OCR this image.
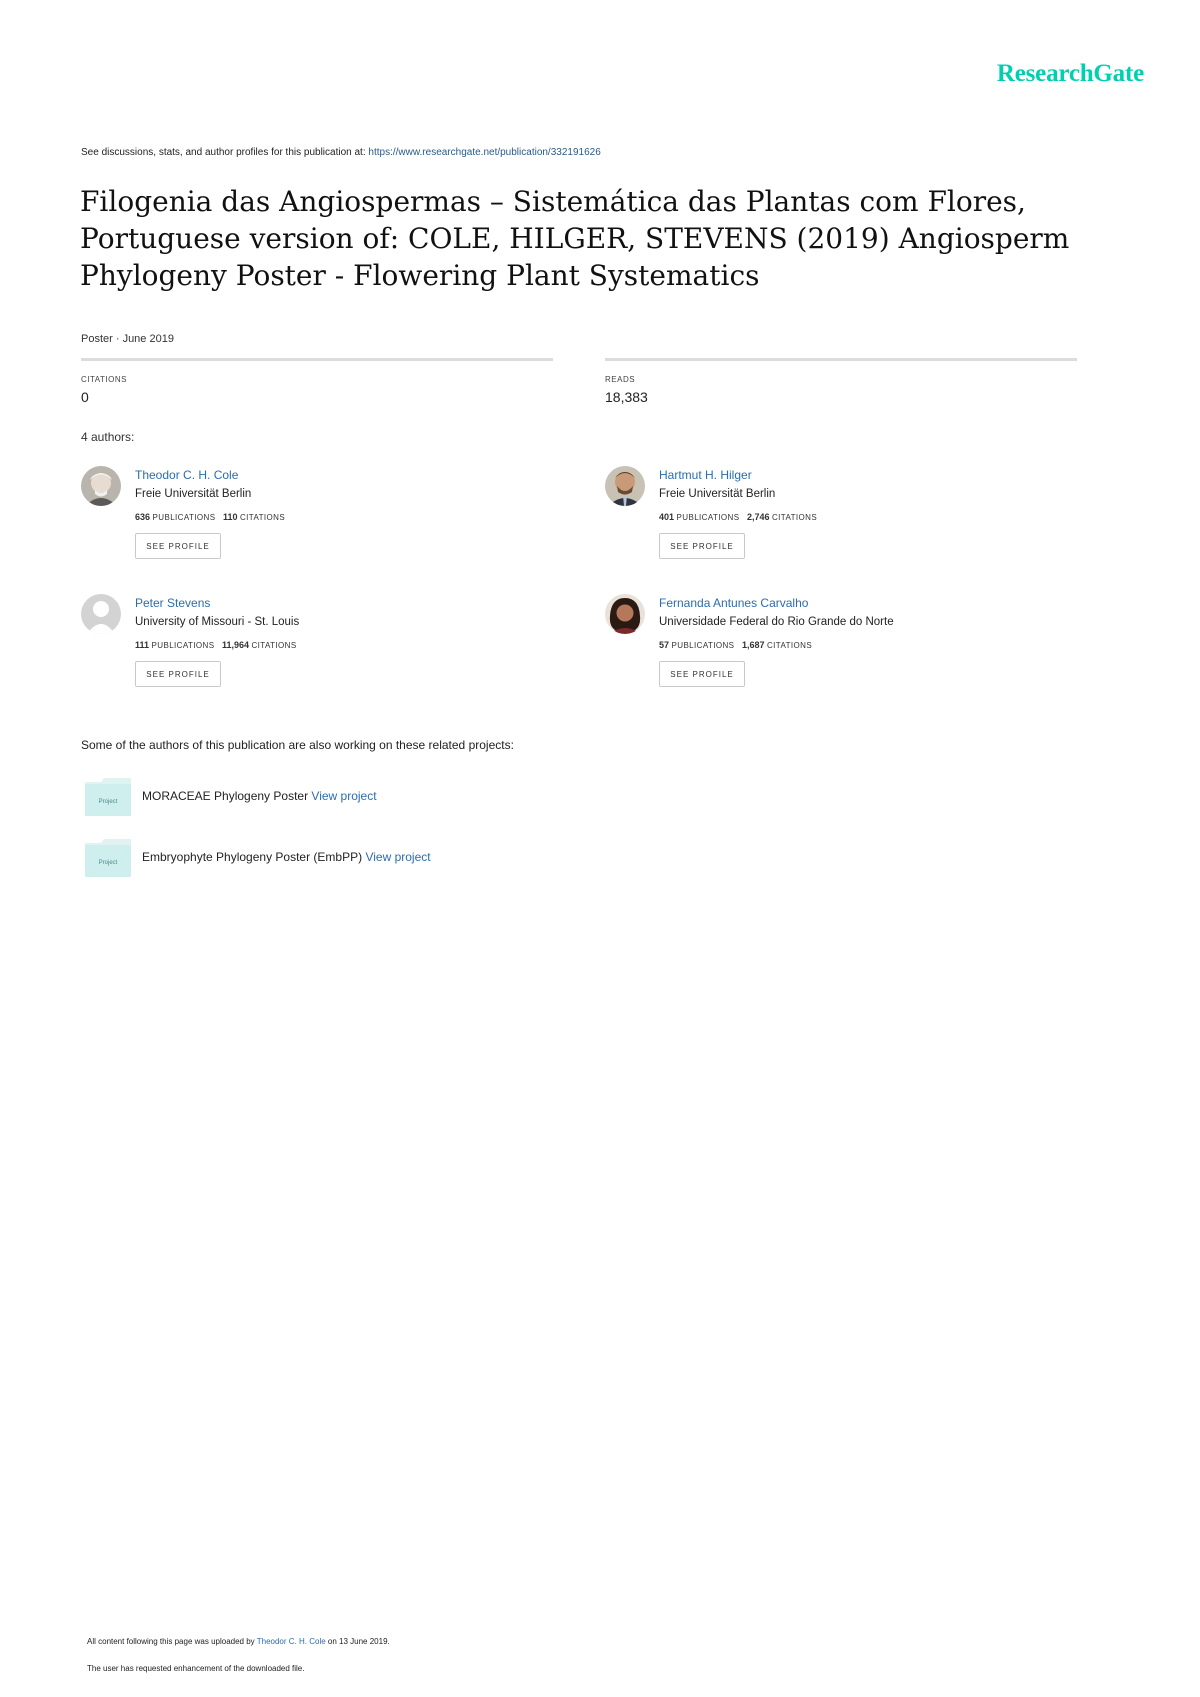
ResearchGate
See discussions, stats, and author profiles for this publication at: https://www.researchgate.net/publication/332191626
Filogenia das Angiospermas – Sistemática das Plantas com Flores, Portuguese version of: COLE, HILGER, STEVENS (2019) Angiosperm Phylogeny Poster - Flowering Plant Systematics
Poster · June 2019
CITATIONS
0
READS
18,383
4 authors:
Theodor C. H. Cole
Freie Universität Berlin
636 PUBLICATIONS 110 CITATIONS
SEE PROFILE
Hartmut H. Hilger
Freie Universität Berlin
401 PUBLICATIONS 2,746 CITATIONS
SEE PROFILE
Peter Stevens
University of Missouri - St. Louis
111 PUBLICATIONS 11,964 CITATIONS
SEE PROFILE
Fernanda Antunes Carvalho
Universidade Federal do Rio Grande do Norte
57 PUBLICATIONS 1,687 CITATIONS
SEE PROFILE
Some of the authors of this publication are also working on these related projects:
Project MORACEAE Phylogeny Poster View project
Project Embryophyte Phylogeny Poster (EmbPP) View project
All content following this page was uploaded by Theodor C. H. Cole on 13 June 2019.
The user has requested enhancement of the downloaded file.
